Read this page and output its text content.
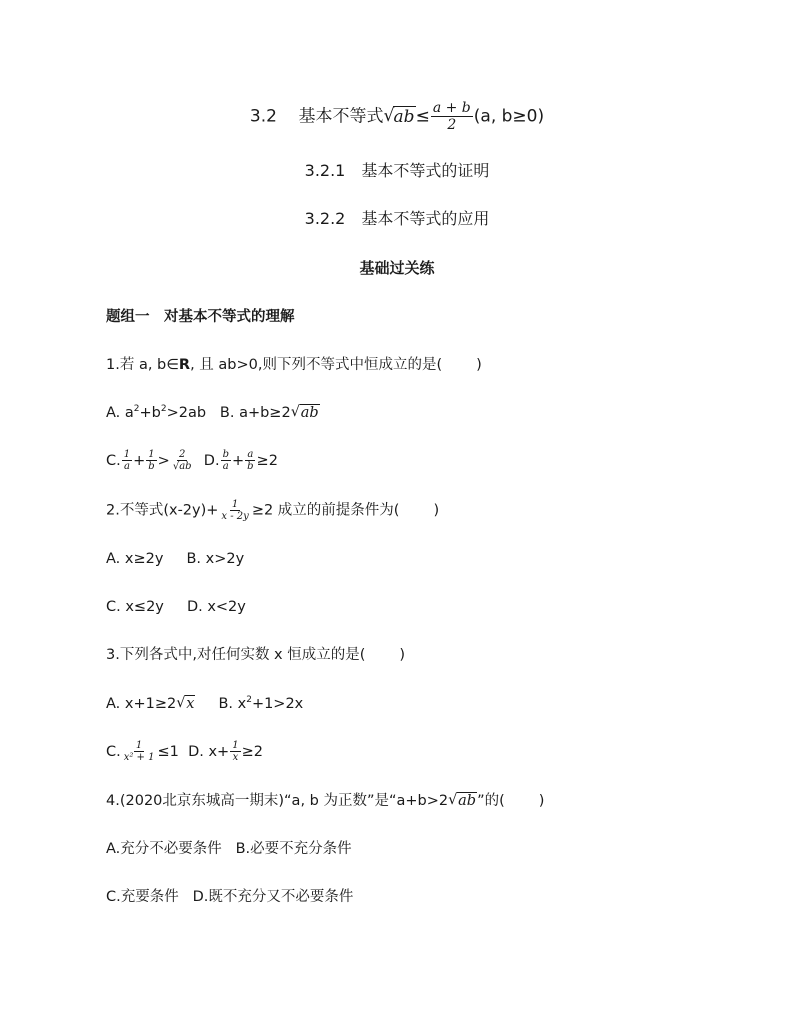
3.2 基本不等式 √ $ab\le \frac{a + b}{2} (a$, b≥0)
3.2.1　基本不等式的证明
3.2.2　基本不等式的应用
基础过关练
题组一　对基本不等式的理解
1.若 a, b∈R, 且 ab>0,则下列不等式中恒成立的是( )
A. $a^2+b^2>2ab$ B. a+b≥2 √ ab
C. $\frac{1}{a} + \frac{1}{b} > \frac{2}{√ab} D$. $\frac{b}{a} + \frac{a}{b} \ge 2$
2.不等式$(x-2y)+ \frac{1}{x - 2y} \ge 2$ 成立的前提条件为( )
A. x≥2y B. x>2y
C. x≤2y D. x<2y
3.下列各式中,对任何实数 x 恒成立的是( )
A. x+1≥2 √ x B. $x^2+1>2x$
C. $\frac{1}{\text{x² + 1}} \le 1$ D. $x+ \frac{1}{x} \ge 2$
4.(2020北京东城高一期末)“a, b 为正数”是“a+b>2 √ ab”的( )
A.充分不必要条件 B.必要不充分条件
C.充要条件 D.既不充分又不必要条件
